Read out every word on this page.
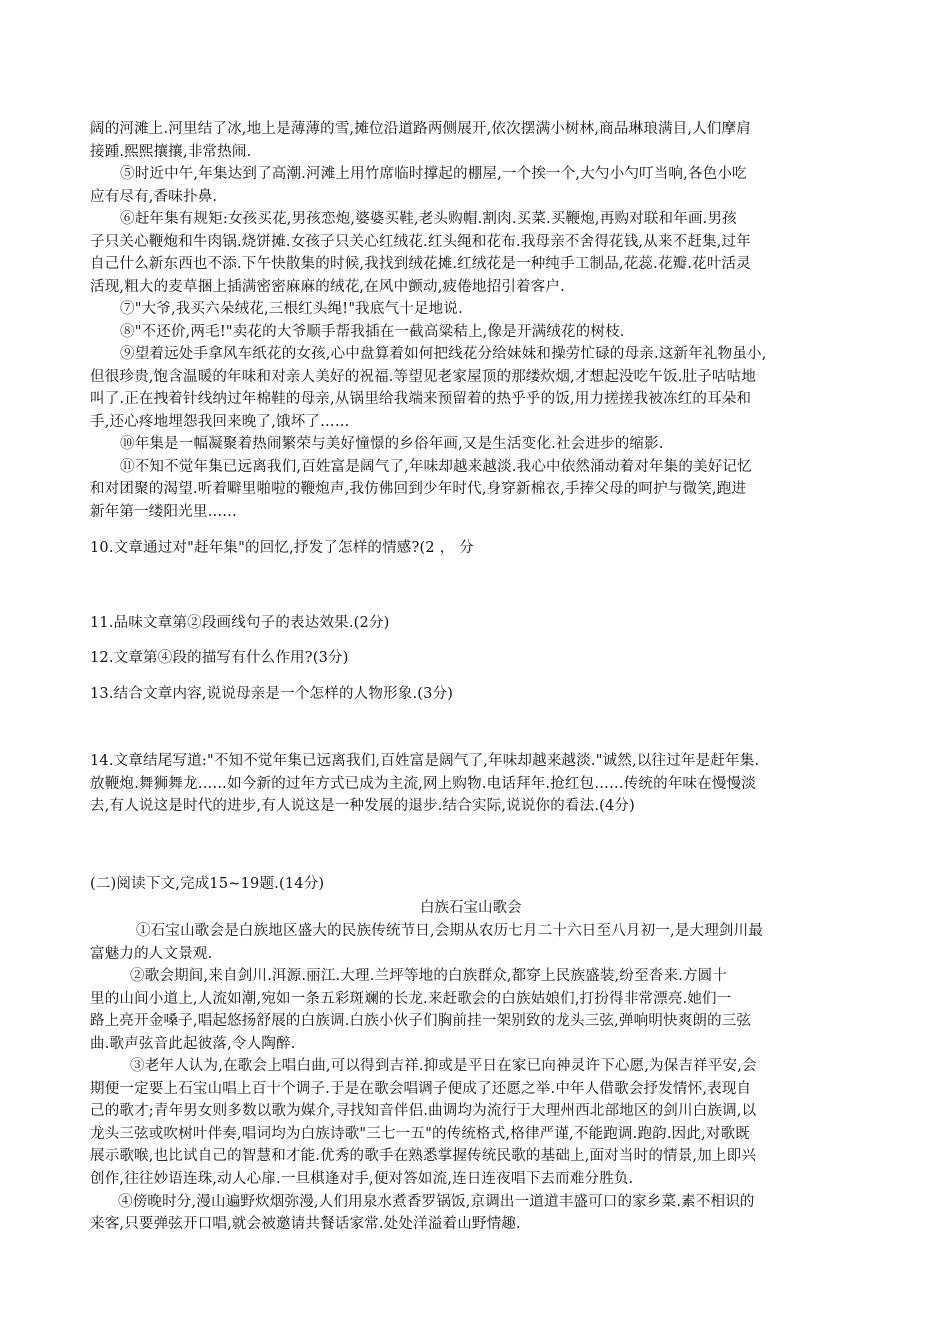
阔的河滩上.河里结了冰,地上是薄薄的雪,摊位沿道路两侧展开,依次摆满小树林,商品琳琅满目,人们摩肩
接踵.熙熙攘攘,非常热闹.
⑤时近中午,年集达到了高潮.河滩上用竹席临时撑起的棚屋,一个挨一个,大勺小勺叮当响,各色小吃
应有尽有,香味扑鼻.
⑥赶年集有规矩:女孩买花,男孩恋炮,婆婆买鞋,老头购帽.割肉.买菜.买鞭炮,再购对联和年画.男孩
子只关心鞭炮和牛肉锅.烧饼摊.女孩子只关心红绒花.红头绳和花布.我母亲不舍得花钱,从来不赶集,过年
自己什么新东西也不添.下午快散集的时候,我找到绒花摊.红绒花是一种纯手工制品,花蕊.花瓣.花叶活灵
活现,粗大的麦草捆上插满密密麻麻的绒花,在风中颤动,疲倦地招引着客户.
⑦"大爷,我买六朵绒花,三根红头绳!"我底气十足地说.
⑧"不还价,两毛!"卖花的大爷顺手帮我插在一截高粱秸上,像是开满绒花的树枝.
⑨望着远处手拿风车纸花的女孩,心中盘算着如何把线花分给妹妹和操劳忙碌的母亲.这新年礼物虽小,
但很珍贵,饱含温暖的年味和对亲人美好的祝福.等望见老家屋顶的那缕炊烟,才想起没吃午饭.肚子咕咕地
叫了.正在拽着针线纳过年棉鞋的母亲,从锅里给我端来预留着的热乎乎的饭,用力搓搓我被冻红的耳朵和
手,还心疼地埋怨我回来晚了,饿坏了……
⑩年集是一幅凝聚着热闹繁荣与美好憧憬的乡俗年画,又是生活变化.社会进步的缩影.
⑪不知不觉年集已远离我们,百姓富是阔气了,年味却越来越淡.我心中依然涌动着对年集的美好记忆
和对团聚的渴望.听着噼里啪啦的鞭炮声,我仿佛回到少年时代,身穿新棉衣,手捧父母的呵护与微笑,跑进
新年第一缕阳光里……
10.文章通过对"赶年集"的回忆,抒发了怎样的情感?(2 ， 分
11.品味文章第②段画线句子的表达效果.(2分)
12.文章第④段的描写有什么作用?(3分)
13.结合文章内容,说说母亲是一个怎样的人物形象.(3分)
14.文章结尾写道:"不知不觉年集已远离我们,百姓富是阔气了,年味却越来越淡."诚然,以往过年是赶年集.
放鞭炮.舞狮舞龙……如今新的过年方式已成为主流,网上购物.电话拜年.抢红包……传统的年味在慢慢淡
去,有人说这是时代的进步,有人说这是一种发展的退步.结合实际,说说你的看法.(4分)
(二)阅读下文,完成15~19题.(14分)
白族石宝山歌会
①石宝山歌会是白族地区盛大的民族传统节日,会期从农历七月二十六日至八月初一,是大理剑川最
富魅力的人文景观.
②歌会期间,来自剑川.洱源.丽江.大理.兰坪等地的白族群众,都穿上民族盛装,纷至沓来.方圆十
里的山间小道上,人流如潮,宛如一条五彩斑斓的长龙.来赶歌会的白族姑娘们,打扮得非常漂亮.她们一
路上亮开金嗓子,唱起悠扬舒展的白族调.白族小伙子们胸前挂一架别致的龙头三弦,弹响明快爽朗的三弦
曲.歌声弦音此起彼落,令人陶醉.
③老年人认为,在歌会上唱白曲,可以得到吉祥.抑或是平日在家已向神灵许下心愿,为保吉祥平安,会
期便一定要上石宝山唱上百十个调子.于是在歌会唱调子便成了还愿之举.中年人借歌会抒发情怀,表现自
己的歌才;青年男女则多数以歌为媒介,寻找知音伴侣.曲调均为流行于大理州西北部地区的剑川白族调,以
龙头三弦或吹树叶伴奏,唱词均为白族诗歌"三七一五"的传统格式,格律严谨,不能跑调.跑韵.因此,对歌既
展示歌喉,也比试自己的智慧和才能.优秀的歌手在熟悉掌握传统民歌的基础上,面对当时的情景,加上即兴
创作,往往妙语连珠,动人心扉.一旦棋逢对手,便对答如流,连日连夜唱下去而难分胜负.
④傍晚时分,漫山遍野炊烟弥漫,人们用泉水煮香罗锅饭,京调出一道道丰盛可口的家乡菜.素不相识的
来客,只要弹弦开口唱,就会被邀请共餐话家常.处处洋溢着山野情趣.
